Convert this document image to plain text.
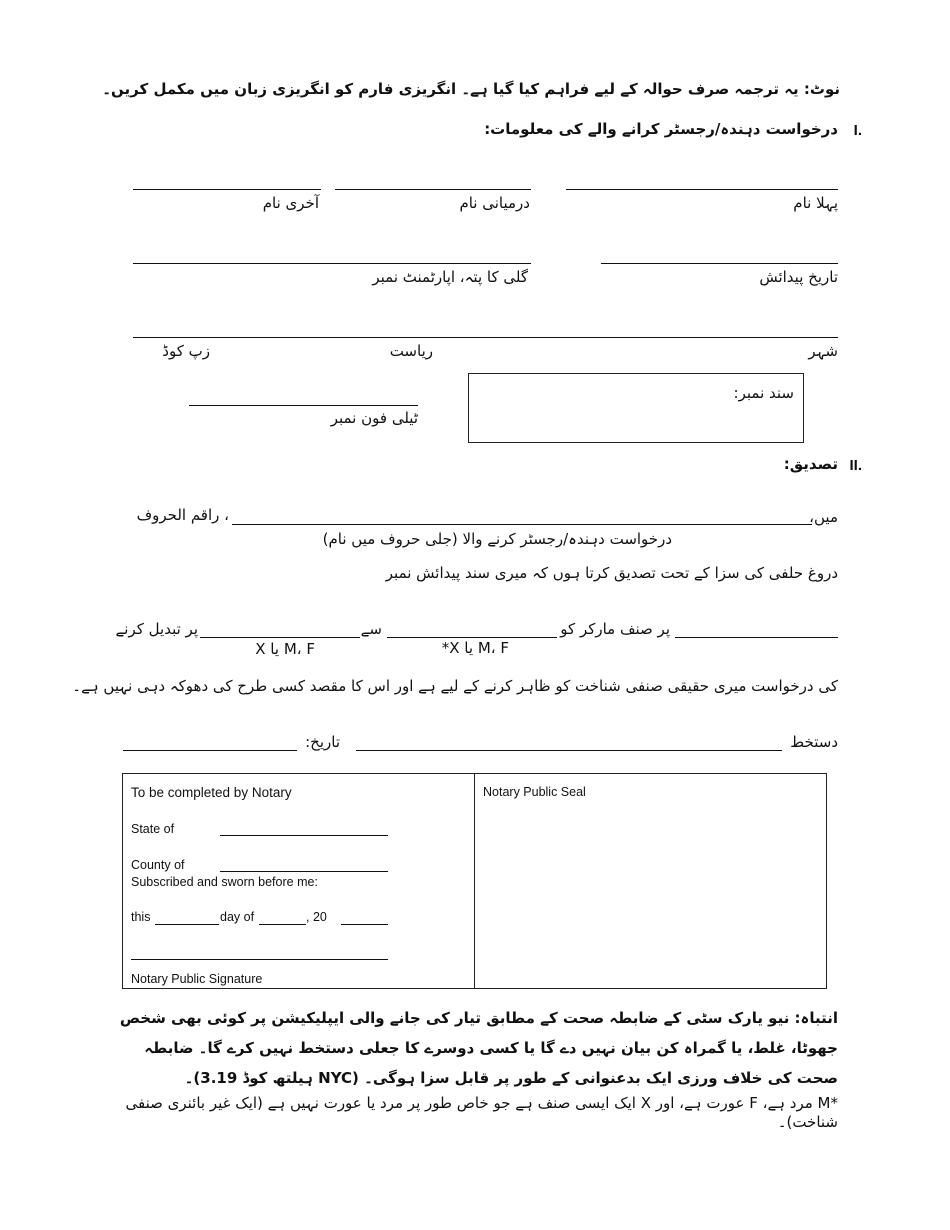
نوٹ: یہ ترجمہ صرف حوالہ کے لیے فراہم کیا گیا ہے۔ انگریزی فارم کو انگریزی زبان میں مکمل کریں۔
I.
درخواست دہندہ/رجسٹر کرانے والے کی معلومات:
پہلا نام
درمیانی نام
آخری نام
تاریخ پیدائش
گلی کا پتہ، اپارٹمنٹ نمبر
شہر
ریاست
زپ کوڈ
سند نمبر:
ٹیلی فون نمبر
II.
تصدیق:
میں،
، راقم الحروف
درخواست دہندہ/رجسٹر کرنے والا (جلی حروف میں نام)
دروغ حلفی کی سزا کے تحت تصدیق کرتا ہوں کہ میری سند پیدائش نمبر
پر صنف مارکر کو
سے
پر تبدیل کرنے
M، F یا X*
M، F یا X
کی درخواست میری حقیقی صنفی شناخت کو ظاہر کرنے کے لیے ہے اور اس کا مقصد کسی طرح کی دھوکہ دہی نہیں ہے۔
دستخط
تاریخ:
To be completed by Notary
State of
County of
Subscribed and sworn before me:
this	day of	, 20
Notary Public Signature
Notary Public Seal
انتباہ: نیو یارک سٹی کے ضابطہ صحت کے مطابق تیار کی جانے والی ایپلیکیشن پر کوئی بھی شخص جھوٹا، غلط، یا گمراہ کن بیان نہیں دے گا یا کسی دوسرے کا جعلی دستخط نہیں کرے گا۔ ضابطہ صحت کی خلاف ورزی ایک بدعنوانی کے طور پر قابل سزا ہوگی۔ (NYC ہیلتھ کوڈ 3.19)۔
*M مرد ہے، F عورت ہے، اور X ایک ایسی صنف ہے جو خاص طور پر مرد یا عورت نہیں ہے (ایک غیر بائنری صنفی شناخت)۔
